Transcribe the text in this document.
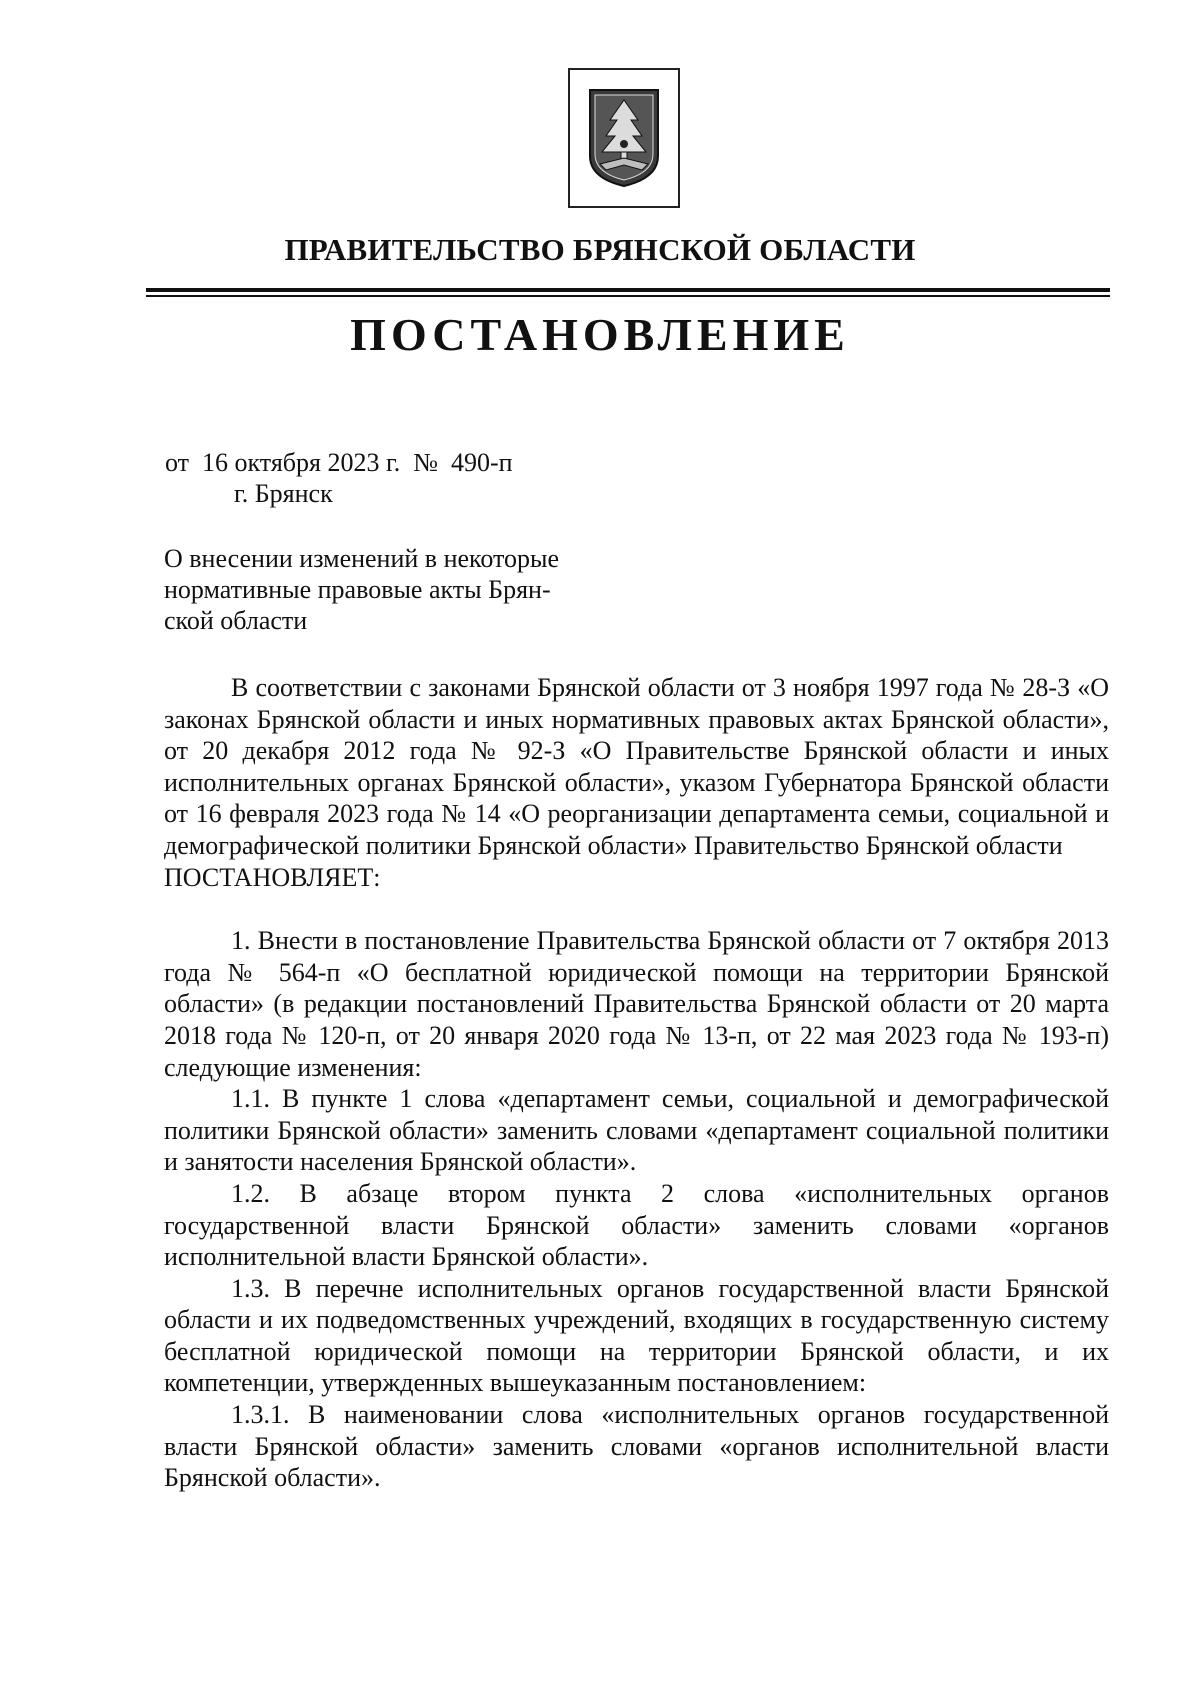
ПРАВИТЕЛЬСТВО БРЯНСКОЙ ОБЛАСТИ
ПОСТАНОВЛЕНИЕ
от  16 октября 2023 г.  №  490-п
г. Брянск
О внесении изменений в некоторые
нормативные правовые акты Брян-
ской области

В соответствии с законами Брянской области от 3 ноября 1997 года № 28-З «О законах Брянской области и иных нормативных правовых актах Брянской области», от 20 декабря 2012 года № 92-З «О Правительстве Брянской области и иных исполнительных органах Брянской области», указом Губернатора Брянской области от 16 февраля 2023 года № 14 «О реорганизации департамента семьи, социальной и демографической политики Брянской области» Правительство Брянской области

ПОСТАНОВЛЯЕТ:

1. Внести в постановление Правительства Брянской области от 7 октября 2013 года № 564-п «О бесплатной юридической помощи на территории Брянской области» (в редакции постановлений Правительства Брянской области от 20 марта 2018 года № 120-п, от 20 января 2020 года № 13-п, от 22 мая 2023 года № 193-п) следующие изменения:

1.1. В пункте 1 слова «департамент семьи, социальной и демографической политики Брянской области» заменить словами «департамент социальной политики и занятости населения Брянской области».

1.2. В абзаце втором пункта 2 слова «исполнительных органов государственной власти Брянской области» заменить словами «органов исполнительной власти Брянской области».

1.3. В перечне исполнительных органов государственной власти Брянской области и их подведомственных учреждений, входящих в государственную систему бесплатной юридической помощи на территории Брянской области, и их компетенции, утвержденных вышеуказанным постановлением:

1.3.1. В наименовании слова «исполнительных органов государственной власти Брянской области» заменить словами «органов исполнительной власти Брянской области».
